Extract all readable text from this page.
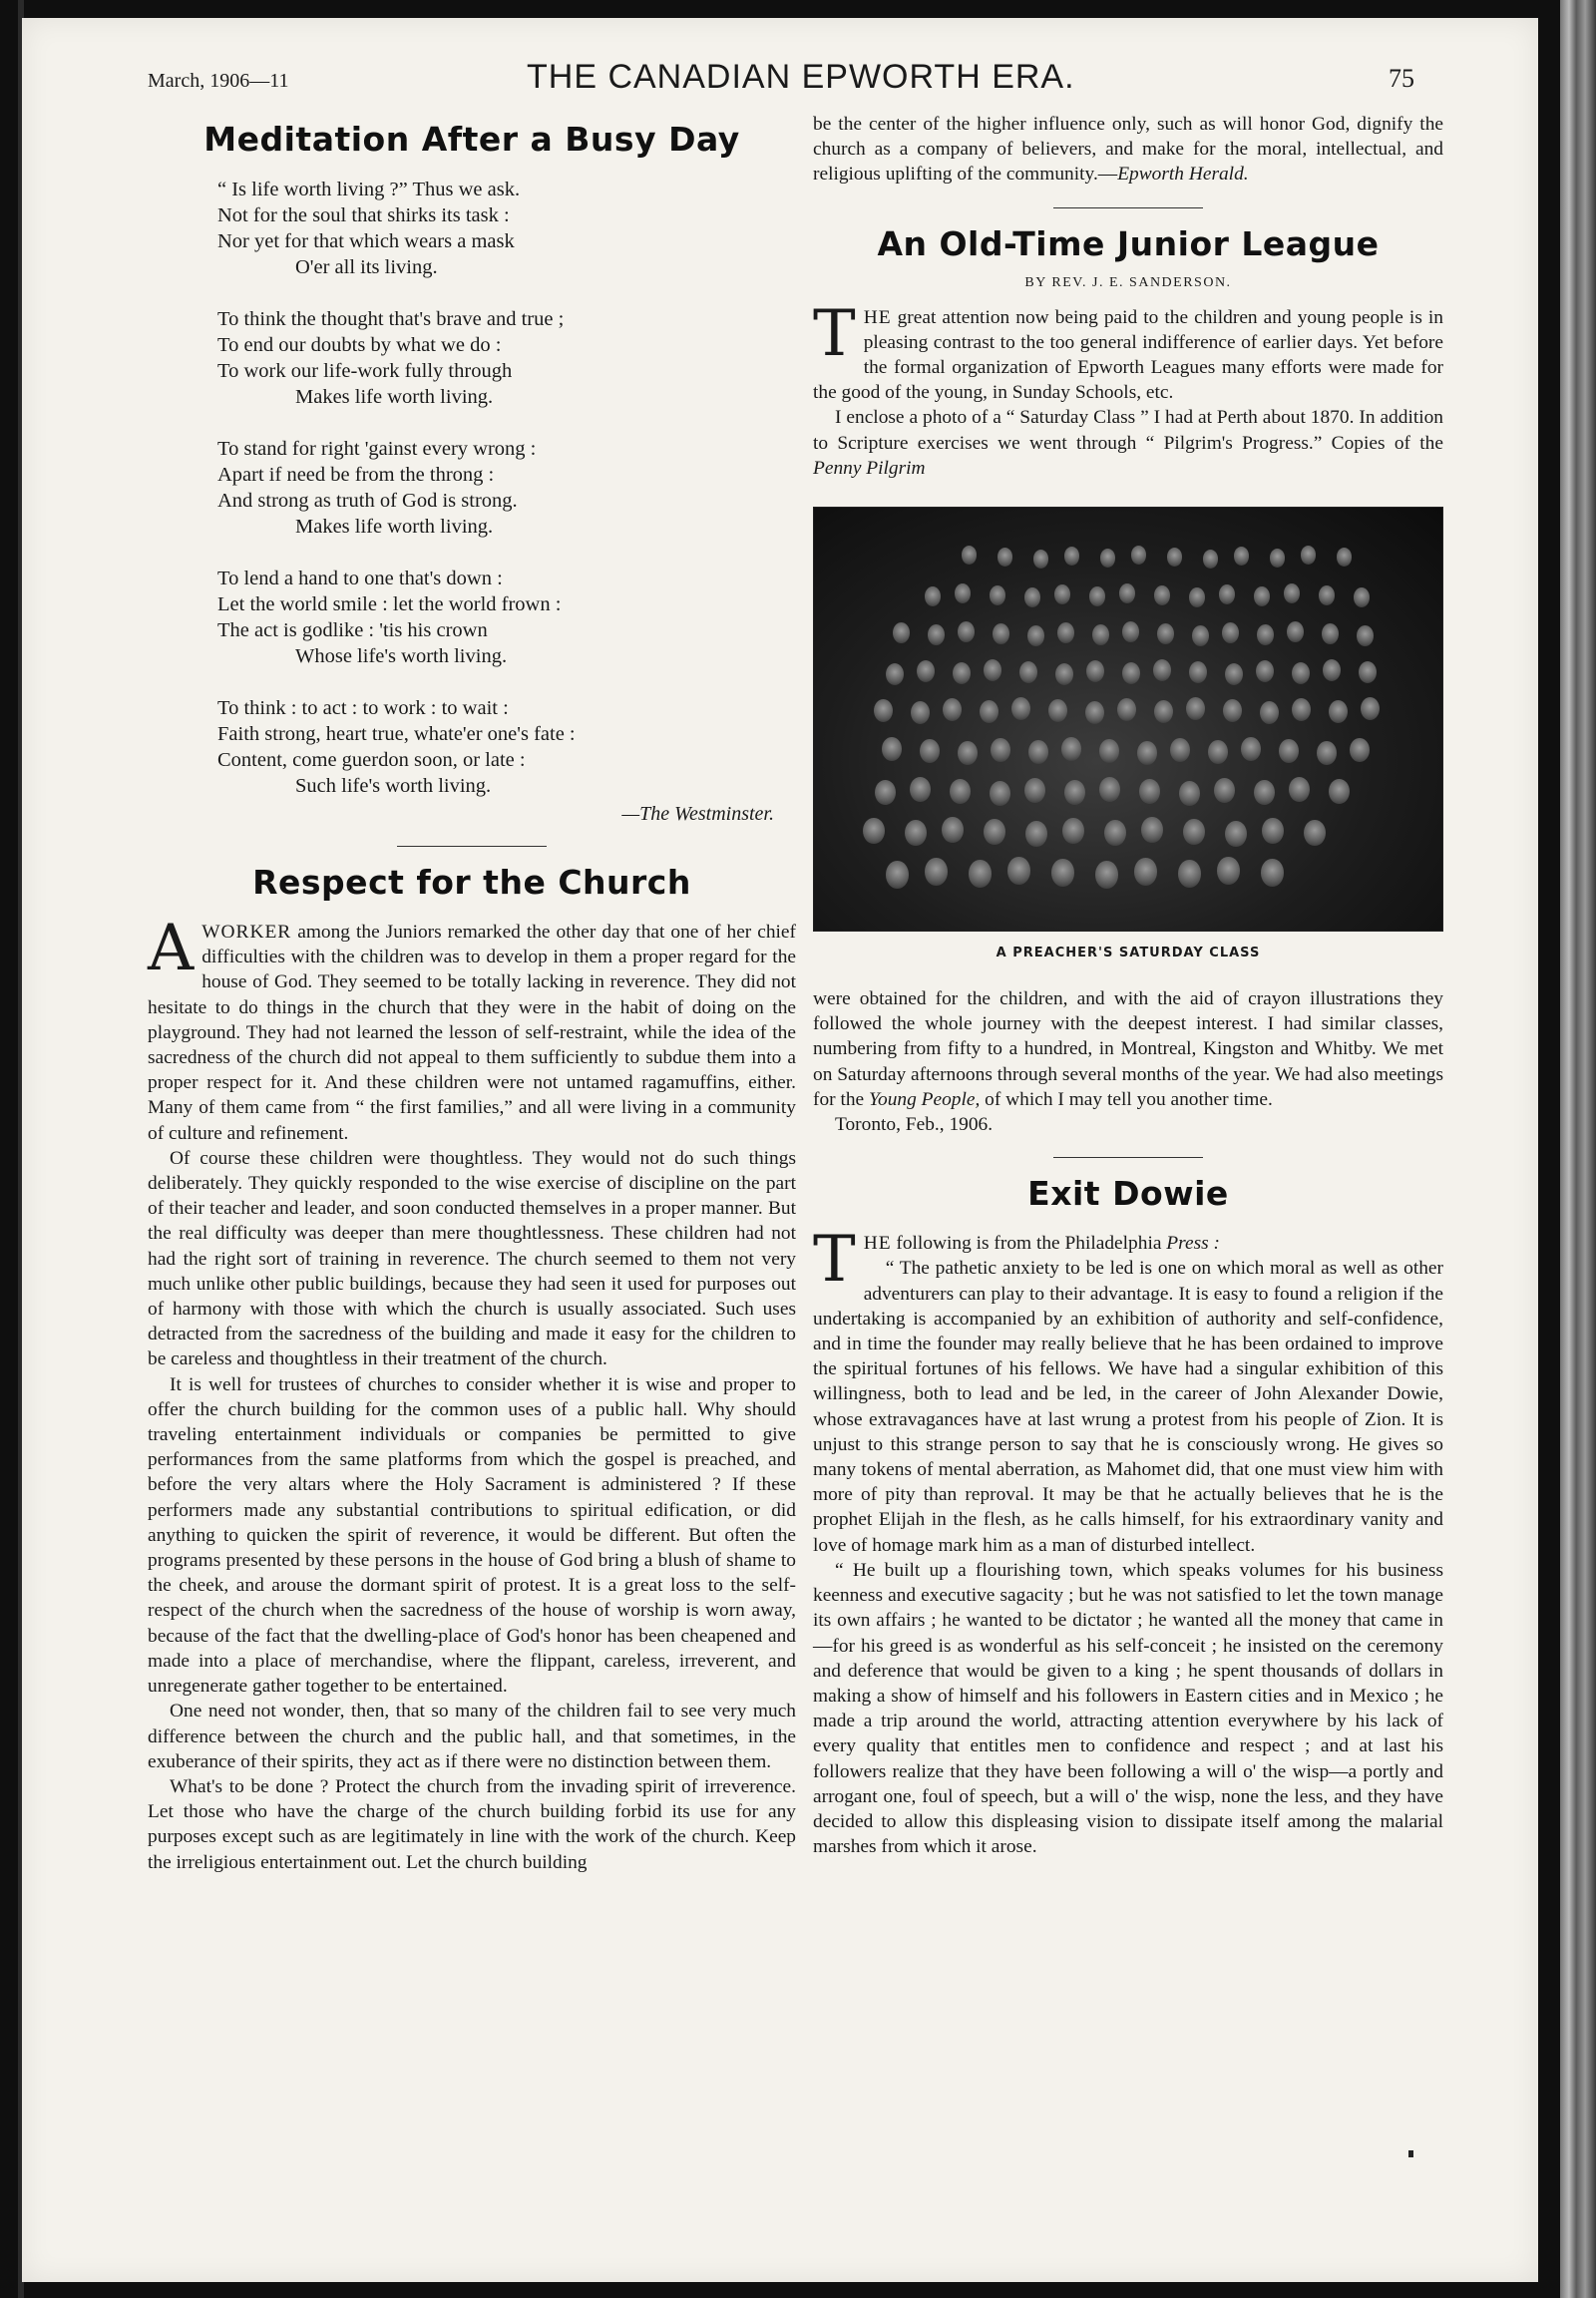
March, 1906—11	THE CANADIAN EPWORTH ERA.	75
Meditation After a Busy Day
“ Is life worth living ?” Thus we ask.
Not for the soul that shirks its task :
Nor yet for that which wears a mask
O'er all its living.
To think the thought that's brave and true ;
To end our doubts by what we do :
To work our life-work fully through
Makes life worth living.
To stand for right 'gainst every wrong :
Apart if need be from the throng :
And strong as truth of God is strong.
Makes life worth living.
To lend a hand to one that's down :
Let the world smile : let the world frown :
The act is godlike : 'tis his crown
Whose life's worth living.
To think : to act : to work : to wait :
Faith strong, heart true, whate'er one's fate :
Content, come guerdon soon, or late :
Such life's worth living.
—The Westminster.
Respect for the Church

AWORKER among the Juniors remarked the other day that one of her chief difficulties with the children was to develop in them a proper regard for the house of God. They seemed to be totally lacking in reverence. They did not hesitate to do things in the church that they were in the habit of doing on the playground. They had not learned the lesson of self-restraint, while the idea of the sacredness of the church did not appeal to them sufficiently to subdue them into a proper respect for it. And these children were not untamed ragamuffins, either. Many of them came from “ the first families,” and all were living in a community of culture and refinement.

Of course these children were thoughtless. They would not do such things deliberately. They quickly responded to the wise exercise of discipline on the part of their teacher and leader, and soon conducted themselves in a proper manner. But the real difficulty was deeper than mere thoughtlessness. These children had not had the right sort of training in reverence. The church seemed to them not very much unlike other public buildings, because they had seen it used for purposes out of harmony with those with which the church is usually associated. Such uses detracted from the sacredness of the building and made it easy for the children to be careless and thoughtless in their treatment of the church.

It is well for trustees of churches to consider whether it is wise and proper to offer the church building for the common uses of a public hall. Why should traveling entertainment individuals or companies be permitted to give performances from the same platforms from which the gospel is preached, and before the very altars where the Holy Sacrament is administered ? If these performers made any substantial contributions to spiritual edification, or did anything to quicken the spirit of reverence, it would be different. But often the programs presented by these persons in the house of God bring a blush of shame to the cheek, and arouse the dormant spirit of protest. It is a great loss to the self-respect of the church when the sacredness of the house of worship is worn away, because of the fact that the dwelling-place of God's honor has been cheapened and made into a place of merchandise, where the flippant, careless, irreverent, and unregenerate gather together to be entertained.

One need not wonder, then, that so many of the children fail to see very much difference between the church and the public hall, and that sometimes, in the exuberance of their spirits, they act as if there were no distinction between them.

What's to be done ? Protect the church from the invading spirit of irreverence. Let those who have the charge of the church building forbid its use for any purposes except such as are legitimately in line with the work of the church. Keep the irreligious entertainment out. Let the church building

be the center of the higher influence only, such as will honor God, dignify the church as a company of believers, and make for the moral, intellectual, and religious uplifting of the community.—Epworth Herald.

An Old-Time Junior League
BY REV. J. E. SANDERSON.

THE great attention now being paid to the children and young people is in pleasing contrast to the too general indifference of earlier days. Yet before the formal organization of Epworth Leagues many efforts were made for the good of the young, in Sunday Schools, etc.

I enclose a photo of a “ Saturday Class ” I had at Perth about 1870. In addition to Scripture exercises we went through “ Pilgrim's Progress.” Copies of the Penny Pilgrim

A PREACHER'S SATURDAY CLASS

were obtained for the children, and with the aid of crayon illustrations they followed the whole journey with the deepest interest. I had similar classes, numbering from fifty to a hundred, in Montreal, Kingston and Whitby. We met on Saturday afternoons through several months of the year. We had also meetings for the Young People, of which I may tell you another time.

Toronto, Feb., 1906.

Exit Dowie

THE following is from the Philadelphia Press :

“ The pathetic anxiety to be led is one on which moral as well as other adventurers can play to their advantage. It is easy to found a religion if the undertaking is accompanied by an exhibition of authority and self-confidence, and in time the founder may really believe that he has been ordained to improve the spiritual fortunes of his fellows. We have had a singular exhibition of this willingness, both to lead and be led, in the career of John Alexander Dowie, whose extravagances have at last wrung a protest from his people of Zion. It is unjust to this strange person to say that he is consciously wrong. He gives so many tokens of mental aberration, as Mahomet did, that one must view him with more of pity than reproval. It may be that he actually believes that he is the prophet Elijah in the flesh, as he calls himself, for his extraordinary vanity and love of homage mark him as a man of disturbed intellect.

“ He built up a flourishing town, which speaks volumes for his business keenness and executive sagacity ; but he was not satisfied to let the town manage its own affairs ; he wanted to be dictator ; he wanted all the money that came in—for his greed is as wonderful as his self-conceit ; he insisted on the ceremony and deference that would be given to a king ; he spent thousands of dollars in making a show of himself and his followers in Eastern cities and in Mexico ; he made a trip around the world, attracting attention everywhere by his lack of every quality that entitles men to confidence and respect ; and at last his followers realize that they have been following a will o' the wisp—a portly and arrogant one, foul of speech, but a will o' the wisp, none the less, and they have decided to allow this displeasing vision to dissipate itself among the malarial marshes from which it arose.
